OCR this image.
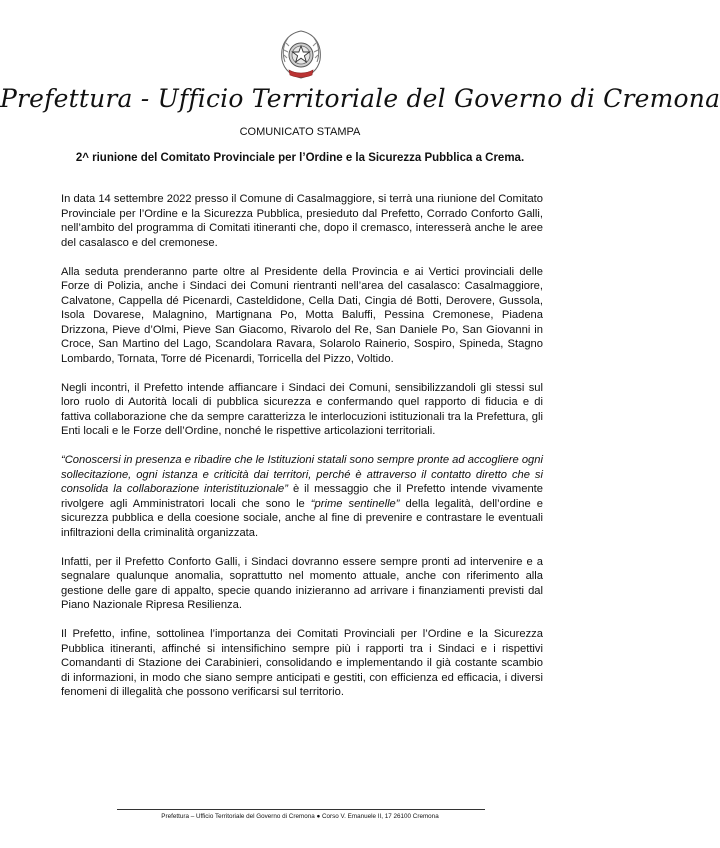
Prefettura - Ufficio Territoriale del Governo di Cremona
COMUNICATO STAMPA
2^ riunione del Comitato Provinciale per l’Ordine e la Sicurezza Pubblica a Crema.

In data 14 settembre 2022 presso il Comune di Casalmaggiore, si terrà una riunione del Comitato Provinciale per l’Ordine e la Sicurezza Pubblica, presieduto dal Prefetto, Corrado Conforto Galli, nell’ambito del programma di Comitati itineranti che, dopo il cremasco, interesserà anche le aree del casalasco e del cremonese.

Alla seduta prenderanno parte oltre al Presidente della Provincia e ai Vertici provinciali delle Forze di Polizia, anche i Sindaci dei Comuni rientranti nell’area del casalasco: Casalmaggiore, Calvatone, Cappella dé Picenardi, Casteldidone, Cella Dati, Cingia dé Botti, Derovere, Gussola, Isola Dovarese, Malagnino, Martignana Po, Motta Baluffi, Pessina Cremonese, Piadena Drizzona, Pieve d’Olmi, Pieve San Giacomo, Rivarolo del Re, San Daniele Po, San Giovanni in Croce, San Martino del Lago, Scandolara Ravara, Solarolo Rainerio, Sospiro, Spineda, Stagno Lombardo, Tornata, Torre dé Picenardi, Torricella del Pizzo, Voltido.

Negli incontri, il Prefetto intende affiancare i Sindaci dei Comuni, sensibilizzandoli gli stessi sul loro ruolo di Autorità locali di pubblica sicurezza e confermando quel rapporto di fiducia e di fattiva collaborazione che da sempre caratterizza le interlocuzioni istituzionali tra la Prefettura, gli Enti locali e le Forze dell’Ordine, nonché le rispettive articolazioni territoriali.

“Conoscersi in presenza e ribadire che le Istituzioni statali sono sempre pronte ad accogliere ogni sollecitazione, ogni istanza e criticità dai territori, perché è attraverso il contatto diretto che si consolida la collaborazione interistituzionale” è il messaggio che il Prefetto intende vivamente rivolgere agli Amministratori locali che sono le “prime sentinelle” della legalità, dell’ordine e sicurezza pubblica e della coesione sociale, anche al fine di prevenire e contrastare le eventuali infiltrazioni della criminalità organizzata.

Infatti, per il Prefetto Conforto Galli, i Sindaci dovranno essere sempre pronti ad intervenire e a segnalare qualunque anomalia, soprattutto nel momento attuale, anche con riferimento alla gestione delle gare di appalto, specie quando inizieranno ad arrivare i finanziamenti previsti dal Piano Nazionale Ripresa Resilienza.

Il Prefetto, infine, sottolinea l’importanza dei Comitati Provinciali per l’Ordine e la Sicurezza Pubblica itineranti, affinché si intensifichino sempre più i rapporti tra i Sindaci e i rispettivi Comandanti di Stazione dei Carabinieri, consolidando e implementando il già costante scambio di informazioni, in modo che siano sempre anticipati e gestiti, con efficienza ed efficacia, i diversi fenomeni di illegalità che possono verificarsi sul territorio.

Prefettura – Ufficio Territoriale del Governo di Cremona ● Corso V. Emanuele II, 17 26100 Cremona
